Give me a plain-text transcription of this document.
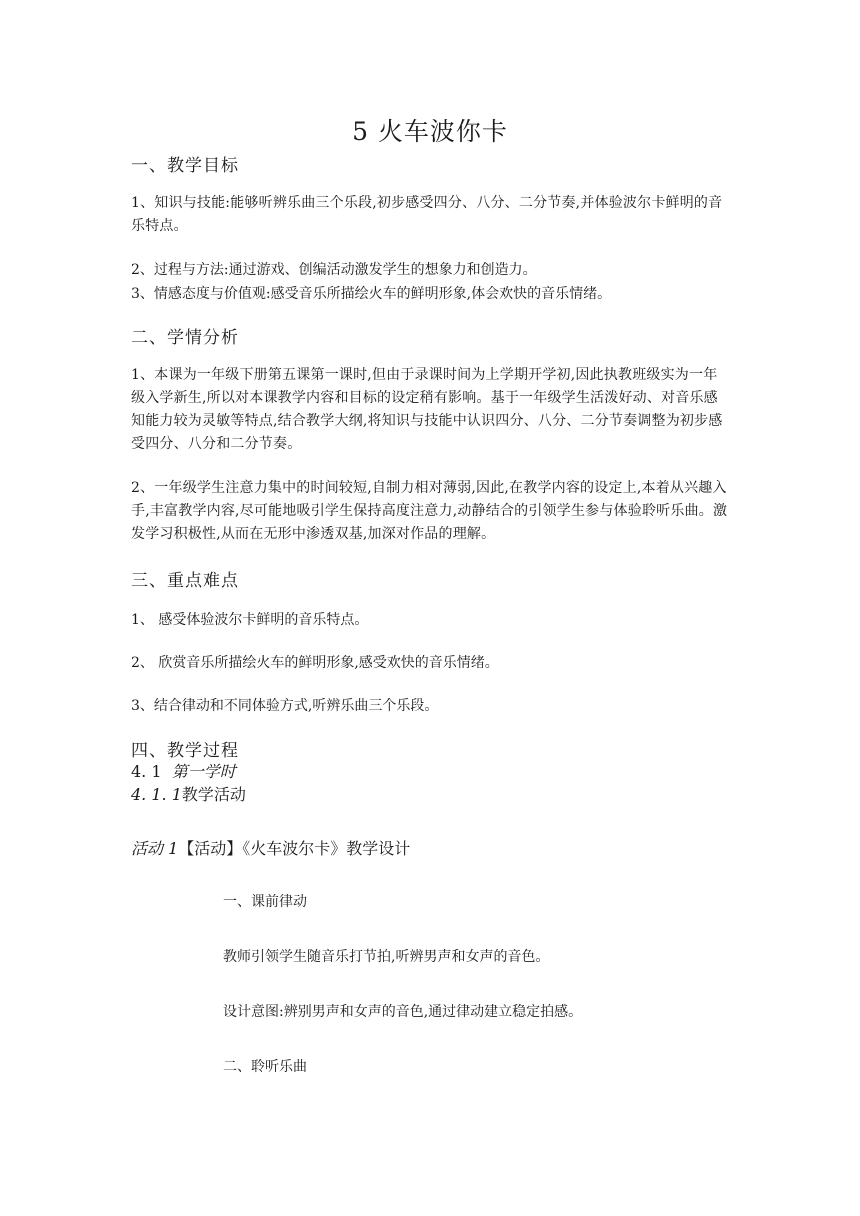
5 火车波你卡
一、教学目标
1、知识与技能:能够听辨乐曲三个乐段,初步感受四分、八分、二分节奏,并体验波尔卡鲜明的音乐特点。
2、过程与方法:通过游戏、创编活动激发学生的想象力和创造力。
3、情感态度与价值观:感受音乐所描绘火车的鲜明形象,体会欢快的音乐情绪。
二、学情分析
1、本课为一年级下册第五课第一课时,但由于录课时间为上学期开学初,因此执教班级实为一年级入学新生,所以对本课教学内容和目标的设定稍有影响。基于一年级学生活泼好动、对音乐感知能力较为灵敏等特点,结合教学大纲,将知识与技能中认识四分、八分、二分节奏调整为初步感受四分、八分和二分节奏。
2、一年级学生注意力集中的时间较短,自制力相对薄弱,因此,在教学内容的设定上,本着从兴趣入手,丰富教学内容,尽可能地吸引学生保持高度注意力,动静结合的引领学生参与体验聆听乐曲。激发学习积极性,从而在无形中渗透双基,加深对作品的理解。
三、重点难点
1、 感受体验波尔卡鲜明的音乐特点。
2、 欣赏音乐所描绘火车的鲜明形象,感受欢快的音乐情绪。
3、结合律动和不同体验方式,听辨乐曲三个乐段。
四、教学过程
4. 1 第一学时
4. 1. 1教学活动
活动 1【活动】《火车波尔卡》教学设计
一、课前律动
教师引领学生随音乐打节拍,听辨男声和女声的音色。
设计意图:辨别男声和女声的音色,通过律动建立稳定拍感。
二、聆听乐曲
